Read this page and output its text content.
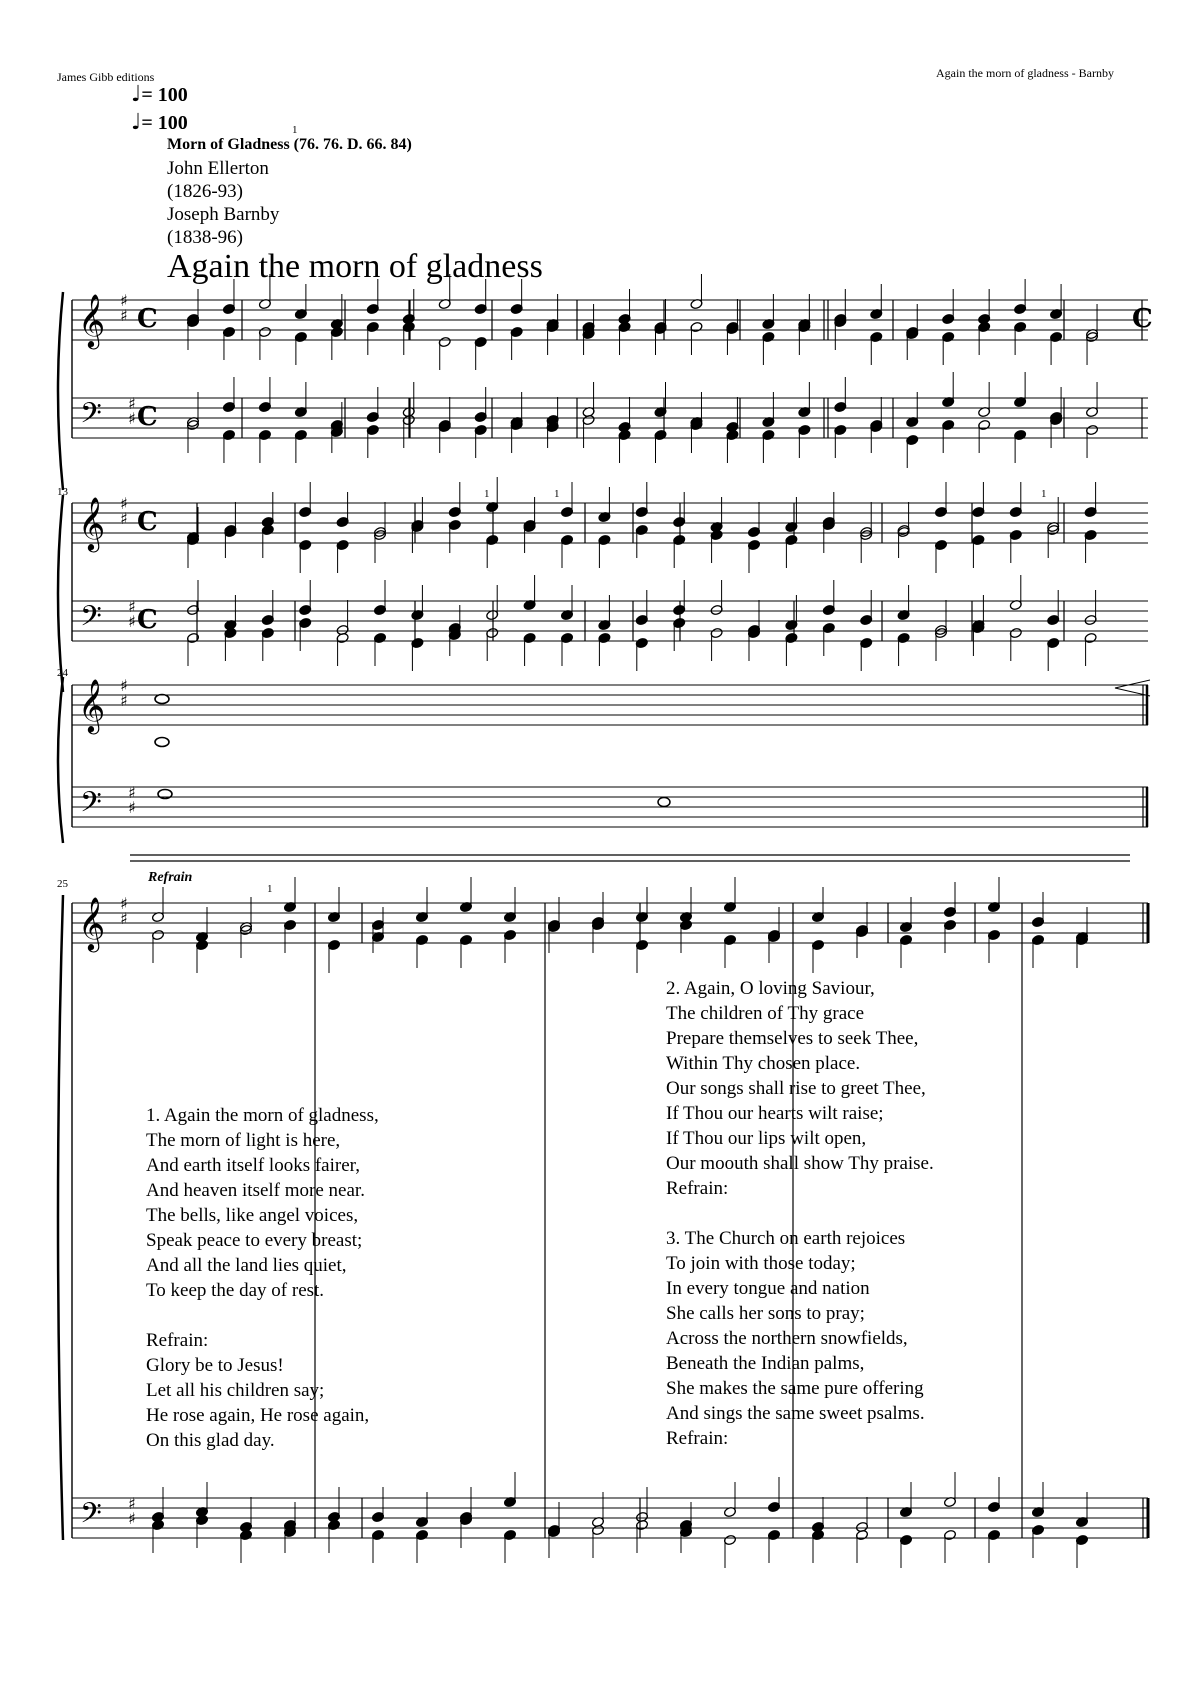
James Gibb editions	Again the morn of gladness - Barnby
♩= 100
♩= 100	1
Morn of Gladness (76. 76. D. 66. 84)
John Ellerton
(1826-93)
Joseph Barnby
(1838-96)
Again the morn of gladness
13
24
25	Refrain
1	1	1
1
𝄞
𝄢
♯
♯
♯
♯
C
C
C
𝄞
𝄢
♯
♯
♯
♯
C
C
𝄞
𝄢
♯
♯
♯
♯
𝄞
𝄢
♯
♯
♯
♯
1. Again the morn of gladness,
The morn of light is here,
And earth itself looks fairer,
And heaven itself more near.
The bells, like angel voices,
Speak peace to every breast;
And all the land lies quiet,
To keep the day of rest.

Refrain:
Glory be to Jesus!
Let all his children say;
He rose again, He rose again,
On this glad day.
2. Again, O loving Saviour,
The children of Thy grace
Prepare themselves to seek Thee,
Within Thy chosen place.
Our songs shall rise to greet Thee,
If Thou our hearts wilt raise;
If Thou our lips wilt open,
Our moouth shall show Thy praise.
Refrain:

3. The Church on earth rejoices
To join with those today;
In every tongue and nation
She calls her sons to pray;
Across the northern snowfields,
Beneath the Indian palms,
She makes the same pure offering
And sings the same sweet psalms.
Refrain:
